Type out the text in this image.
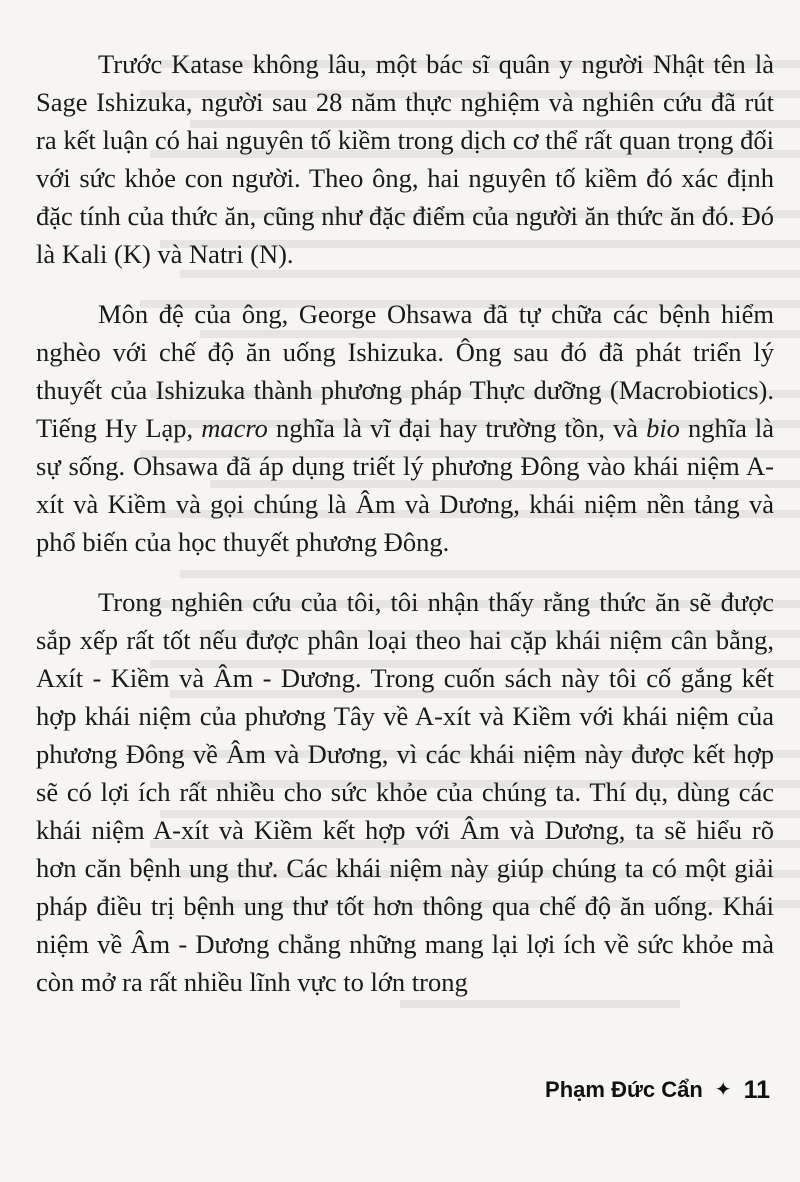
Trước Katase không lâu, một bác sĩ quân y người Nhật tên là Sage Ishizuka, người sau 28 năm thực nghiệm và nghiên cứu đã rút ra kết luận có hai nguyên tố kiềm trong dịch cơ thể rất quan trọng đối với sức khỏe con người. Theo ông, hai nguyên tố kiềm đó xác định đặc tính của thức ăn, cũng như đặc điểm của người ăn thức ăn đó. Đó là Kali (K) và Natri (N).

Môn đệ của ông, George Ohsawa đã tự chữa các bệnh hiểm nghèo với chế độ ăn uống Ishizuka. Ông sau đó đã phát triển lý thuyết của Ishizuka thành phương pháp Thực dưỡng (Macrobiotics). Tiếng Hy Lạp, macro nghĩa là vĩ đại hay trường tồn, và bio nghĩa là sự sống. Ohsawa đã áp dụng triết lý phương Đông vào khái niệm A-xít và Kiềm và gọi chúng là Âm và Dương, khái niệm nền tảng và phổ biến của học thuyết phương Đông.

Trong nghiên cứu của tôi, tôi nhận thấy rằng thức ăn sẽ được sắp xếp rất tốt nếu được phân loại theo hai cặp khái niệm cân bằng, Axít - Kiềm và Âm - Dương. Trong cuốn sách này tôi cố gắng kết hợp khái niệm của phương Tây về A-xít và Kiềm với khái niệm của phương Đông về Âm và Dương, vì các khái niệm này được kết hợp sẽ có lợi ích rất nhiều cho sức khỏe của chúng ta. Thí dụ, dùng các khái niệm A-xít và Kiềm kết hợp với Âm và Dương, ta sẽ hiểu rõ hơn căn bệnh ung thư. Các khái niệm này giúp chúng ta có một giải pháp điều trị bệnh ung thư tốt hơn thông qua chế độ ăn uống. Khái niệm về Âm - Dương chẳng những mang lại lợi ích về sức khỏe mà còn mở ra rất nhiều lĩnh vực to lớn trong

Phạm Đức Cẩn ✦ 11
